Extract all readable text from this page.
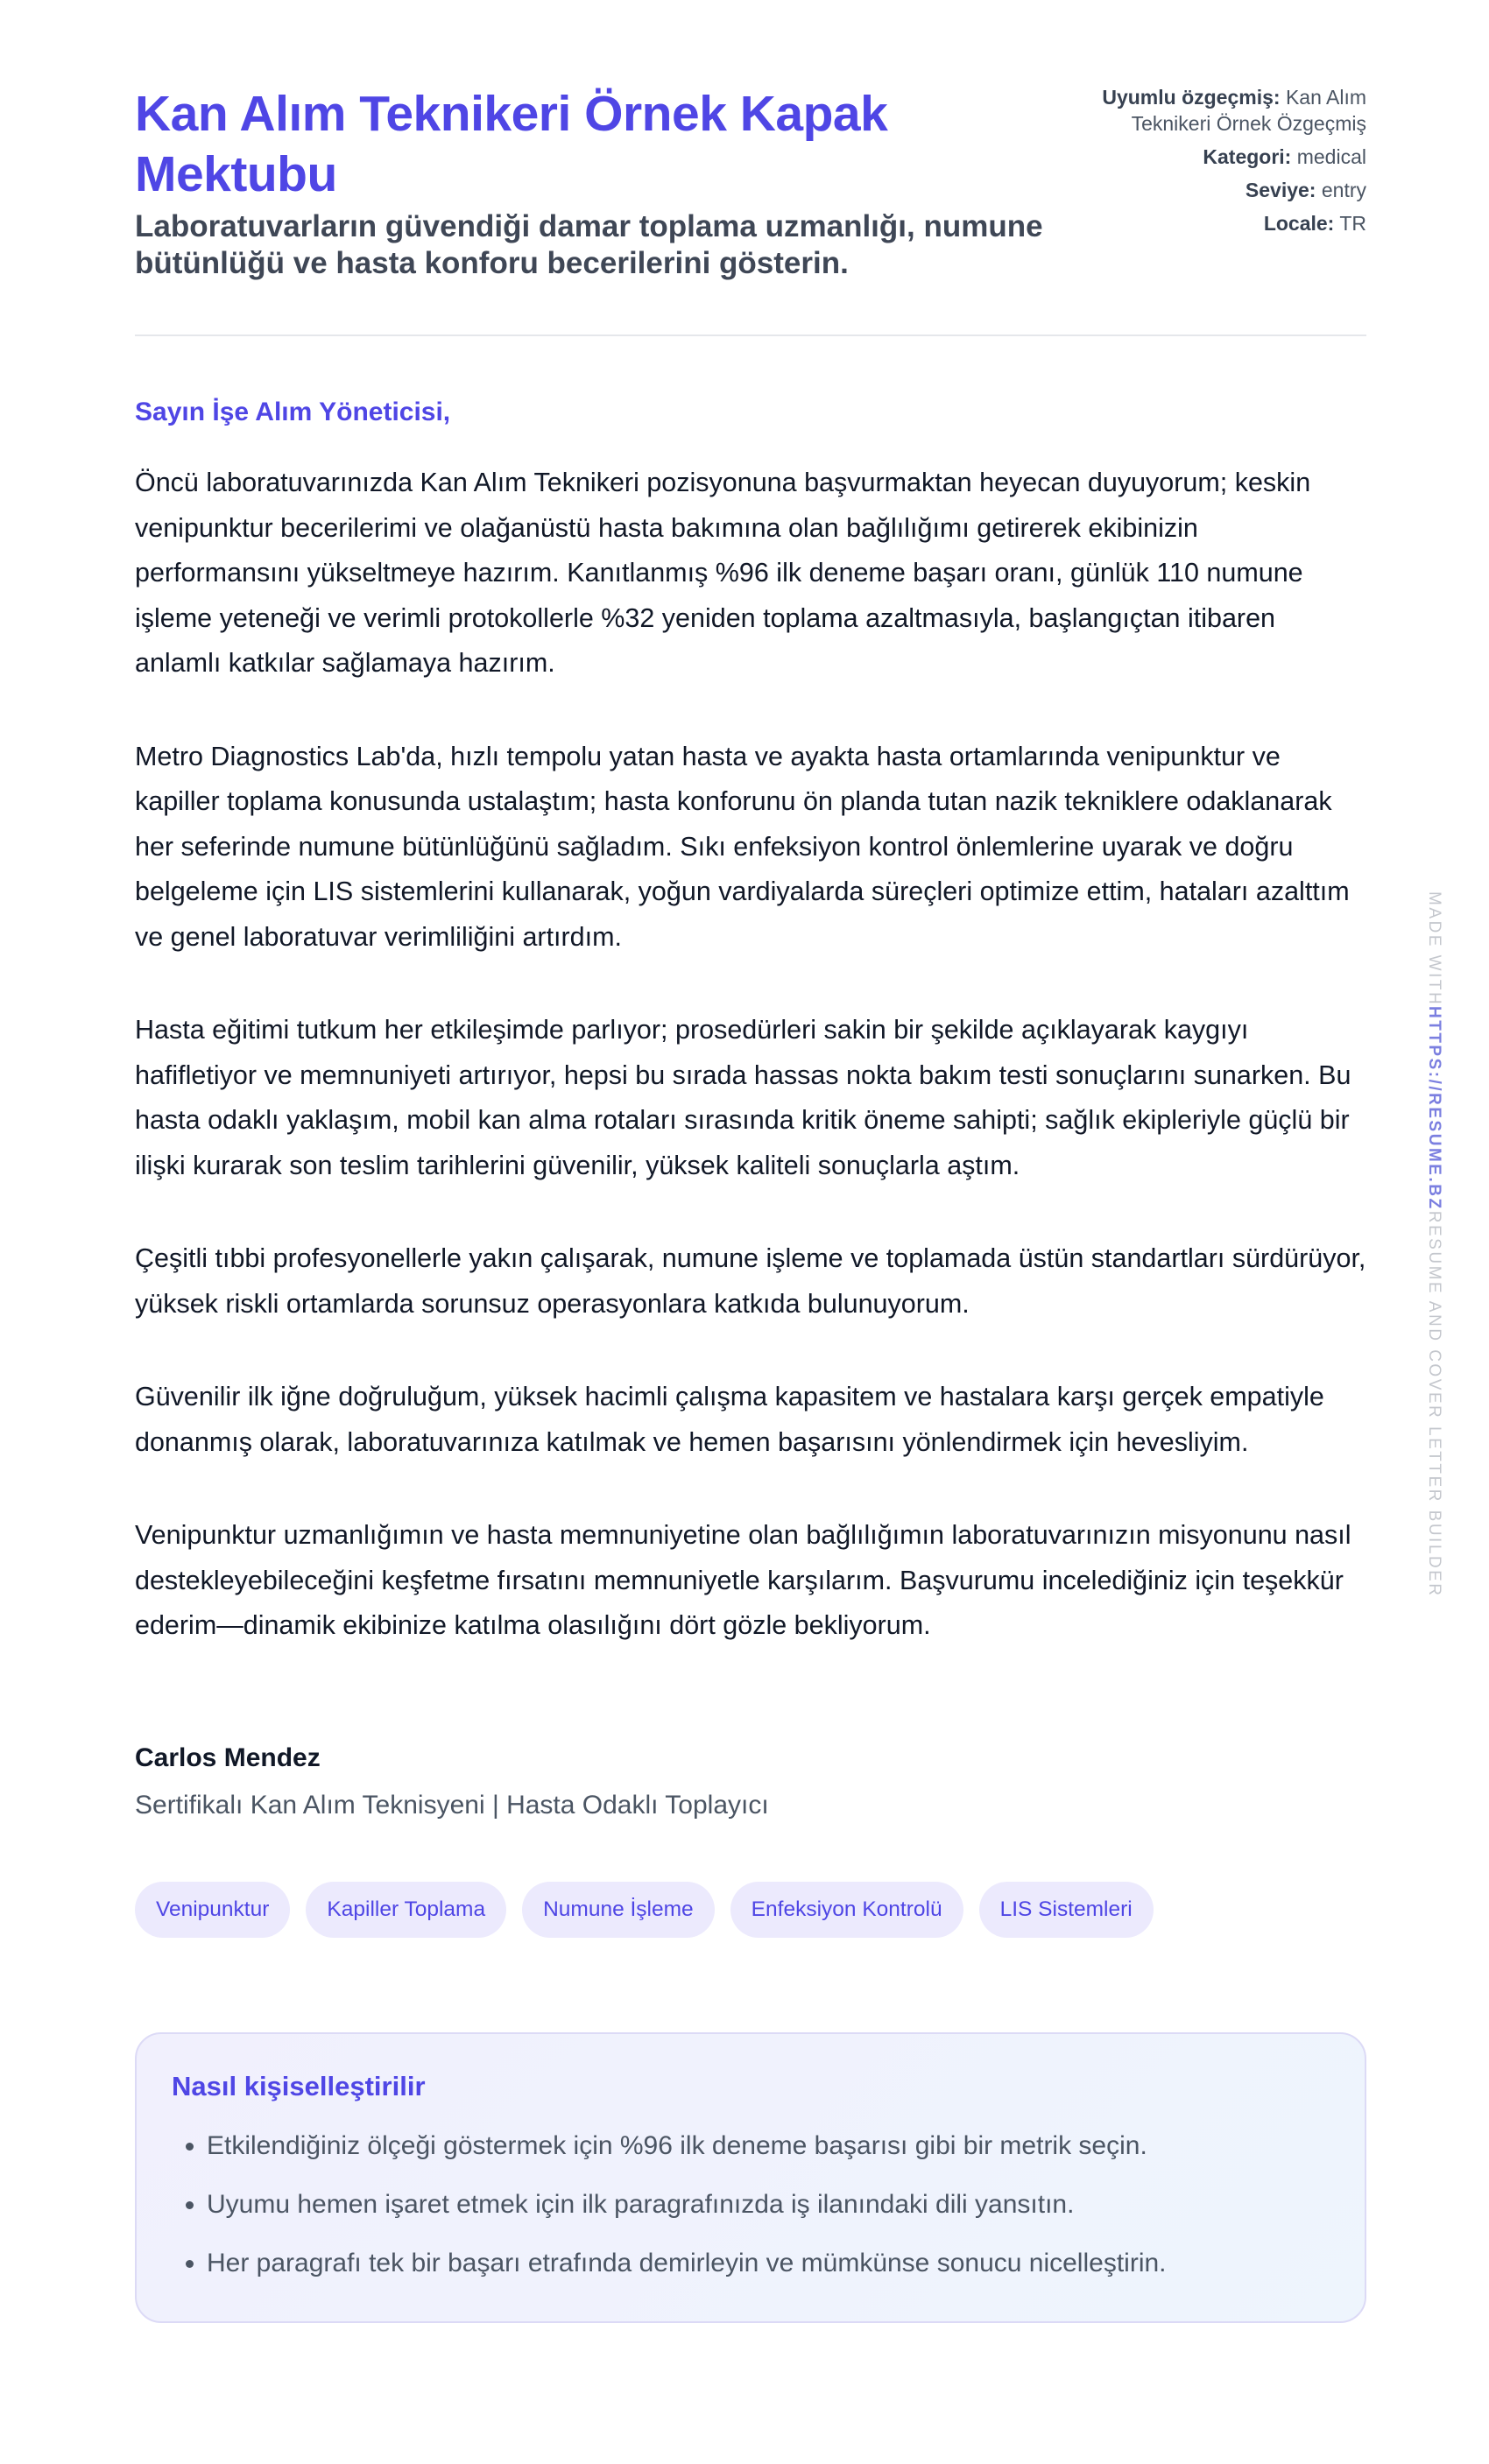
Kan Alım Teknikeri Örnek Kapak Mektubu

Laboratuvarların güvendiği damar toplama uzmanlığı, numune bütünlüğü ve hasta konforu becerilerini gösterin.

Uyumlu özgeçmiş: Kan Alım Teknikeri Örnek Özgeçmiş
Kategori: medical
Seviye: entry
Locale: TR
Sayın İşe Alım Yöneticisi,

Öncü laboratuvarınızda Kan Alım Teknikeri pozisyonuna başvurmaktan heyecan duyuyorum; keskin venipunktur becerilerimi ve olağanüstü hasta bakımına olan bağlılığımı getirerek ekibinizin performansını yükseltmeye hazırım. Kanıtlanmış %96 ilk deneme başarı oranı, günlük 110 numune işleme yeteneği ve verimli protokollerle %32 yeniden toplama azaltmasıyla, başlangıçtan itibaren anlamlı katkılar sağlamaya hazırım.

Metro Diagnostics Lab'da, hızlı tempolu yatan hasta ve ayakta hasta ortamlarında venipunktur ve kapiller toplama konusunda ustalaştım; hasta konforunu ön planda tutan nazik tekniklere odaklanarak her seferinde numune bütünlüğünü sağladım. Sıkı enfeksiyon kontrol önlemlerine uyarak ve doğru belgeleme için LIS sistemlerini kullanarak, yoğun vardiyalarda süreçleri optimize ettim, hataları azalttım ve genel laboratuvar verimliliğini artırdım.

Hasta eğitimi tutkum her etkileşimde parlıyor; prosedürleri sakin bir şekilde açıklayarak kaygıyı hafifletiyor ve memnuniyeti artırıyor, hepsi bu sırada hassas nokta bakım testi sonuçlarını sunarken. Bu hasta odaklı yaklaşım, mobil kan alma rotaları sırasında kritik öneme sahipti; sağlık ekipleriyle güçlü bir ilişki kurarak son teslim tarihlerini güvenilir, yüksek kaliteli sonuçlarla aştım.

Çeşitli tıbbi profesyonellerle yakın çalışarak, numune işleme ve toplamada üstün standartları sürdürüyor, yüksek riskli ortamlarda sorunsuz operasyonlara katkıda bulunuyorum.

Güvenilir ilk iğne doğruluğum, yüksek hacimli çalışma kapasitem ve hastalara karşı gerçek empatiyle donanmış olarak, laboratuvarınıza katılmak ve hemen başarısını yönlendirmek için hevesliyim.

Venipunktur uzmanlığımın ve hasta memnuniyetine olan bağlılığımın laboratuvarınızın misyonunu nasıl destekleyebileceğini keşfetme fırsatını memnuniyetle karşılarım. Başvurumu incelediğiniz için teşekkür ederim—dinamik ekibinize katılma olasılığını dört gözle bekliyorum.

Carlos Mendez
Sertifikalı Kan Alım Teknisyeni | Hasta Odaklı Toplayıcı
Venipunktur	Kapiller Toplama	Numune İşleme	Enfeksiyon Kontrolü	LIS Sistemleri
Nasıl kişiselleştirilir
• Etkilendiğiniz ölçeği göstermek için %96 ilk deneme başarısı gibi bir metrik seçin.
• Uyumu hemen işaret etmek için ilk paragrafınızda iş ilanındaki dili yansıtın.
• Her paragrafı tek bir başarı etrafında demirleyin ve mümkünse sonucu nicelleştirin.
MADE WITHHTTPS://RESUME.BZRESUME AND COVER LETTER BUILDER
